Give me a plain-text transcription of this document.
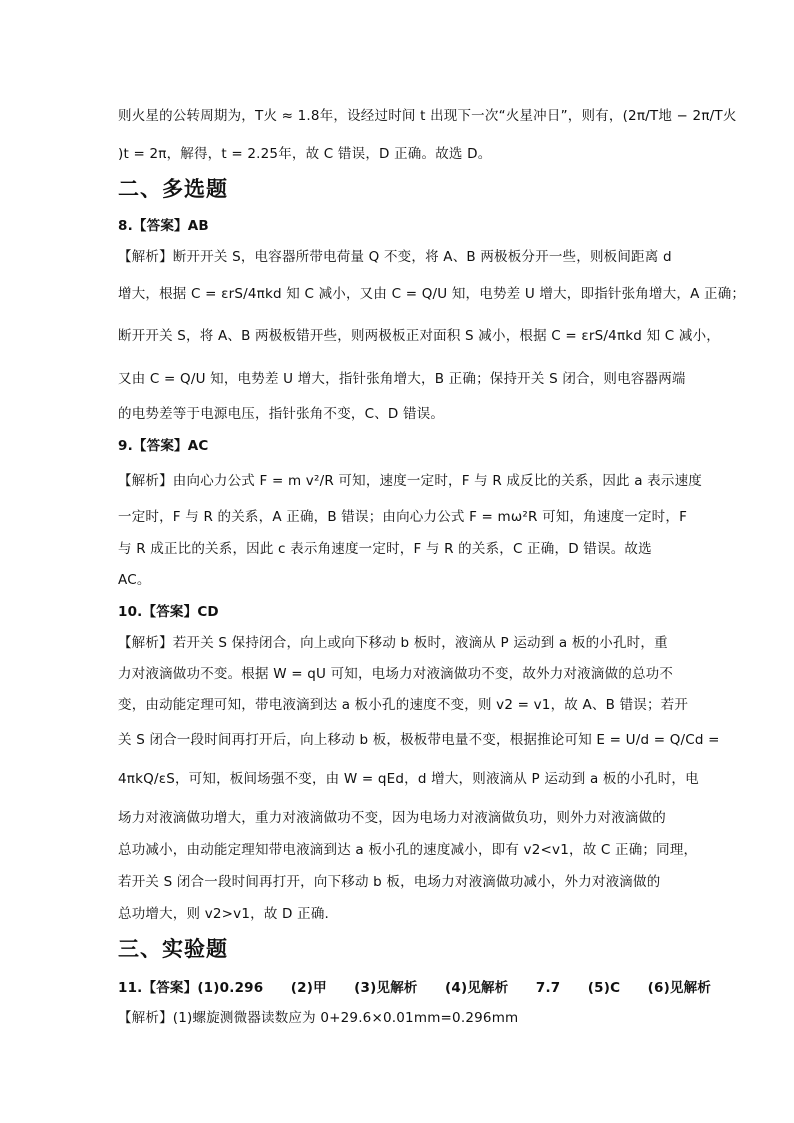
则火星的公转周期为，T火 ≈ 1.8年，设经过时间 t 出现下一次“火星冲日”，则有，(2π/T地 − 2π/T火
)t = 2π，解得，t = 2.25年，故 C 错误，D 正确。故选 D。
二、多选题
8.【答案】AB
【解析】断开开关 S，电容器所带电荷量 Q 不变，将 A、B 两极板分开一些，则板间距离 d
增大，根据 C = εrS/4πkd 知 C 减小，又由 C = Q/U 知，电势差 U 增大，即指针张角增大，A 正确；
断开开关 S，将 A、B 两极板错开些，则两极板正对面积 S 减小，根据 C = εrS/4πkd 知 C 减小，
又由 C = Q/U 知，电势差 U 增大，指针张角增大，B 正确；保持开关 S 闭合，则电容器两端
的电势差等于电源电压，指针张角不变，C、D 错误。
9.【答案】AC
【解析】由向心力公式 F = m v²/R 可知，速度一定时，F 与 R 成反比的关系，因此 a 表示速度
一定时，F 与 R 的关系，A 正确，B 错误；由向心力公式 F = mω²R 可知，角速度一定时，F
与 R 成正比的关系，因此 c 表示角速度一定时，F 与 R 的关系，C 正确，D 错误。故选
AC。
10.【答案】CD
【解析】若开关 S 保持闭合，向上或向下移动 b 板时，液滴从 P 运动到 a 板的小孔时，重
力对液滴做功不变。根据 W = qU 可知，电场力对液滴做功不变，故外力对液滴做的总功不
变，由动能定理可知，带电液滴到达 a 板小孔的速度不变，则 v2 = v1，故 A、B 错误；若开
关 S 闭合一段时间再打开后，向上移动 b 板，极板带电量不变，根据推论可知 E = U/d = Q/Cd =
4πkQ/εS，可知，板间场强不变，由 W = qEd，d 增大，则液滴从 P 运动到 a 板的小孔时，电
场力对液滴做功增大，重力对液滴做功不变，因为电场力对液滴做负功，则外力对液滴做的
总功减小，由动能定理知带电液滴到达 a 板小孔的速度减小，即有 v2<v1，故 C 正确；同理，
若开关 S 闭合一段时间再打开，向下移动 b 板，电场力对液滴做功减小，外力对液滴做的
总功增大，则 v2>v1，故 D 正确.
三、实验题
11.【答案】(1)0.296　　(2)甲　　(3)见解析　　(4)见解析　　7.7　　(5)C　　(6)见解析
【解析】(1)螺旋测微器读数应为 0+29.6×0.01mm=0.296mm
